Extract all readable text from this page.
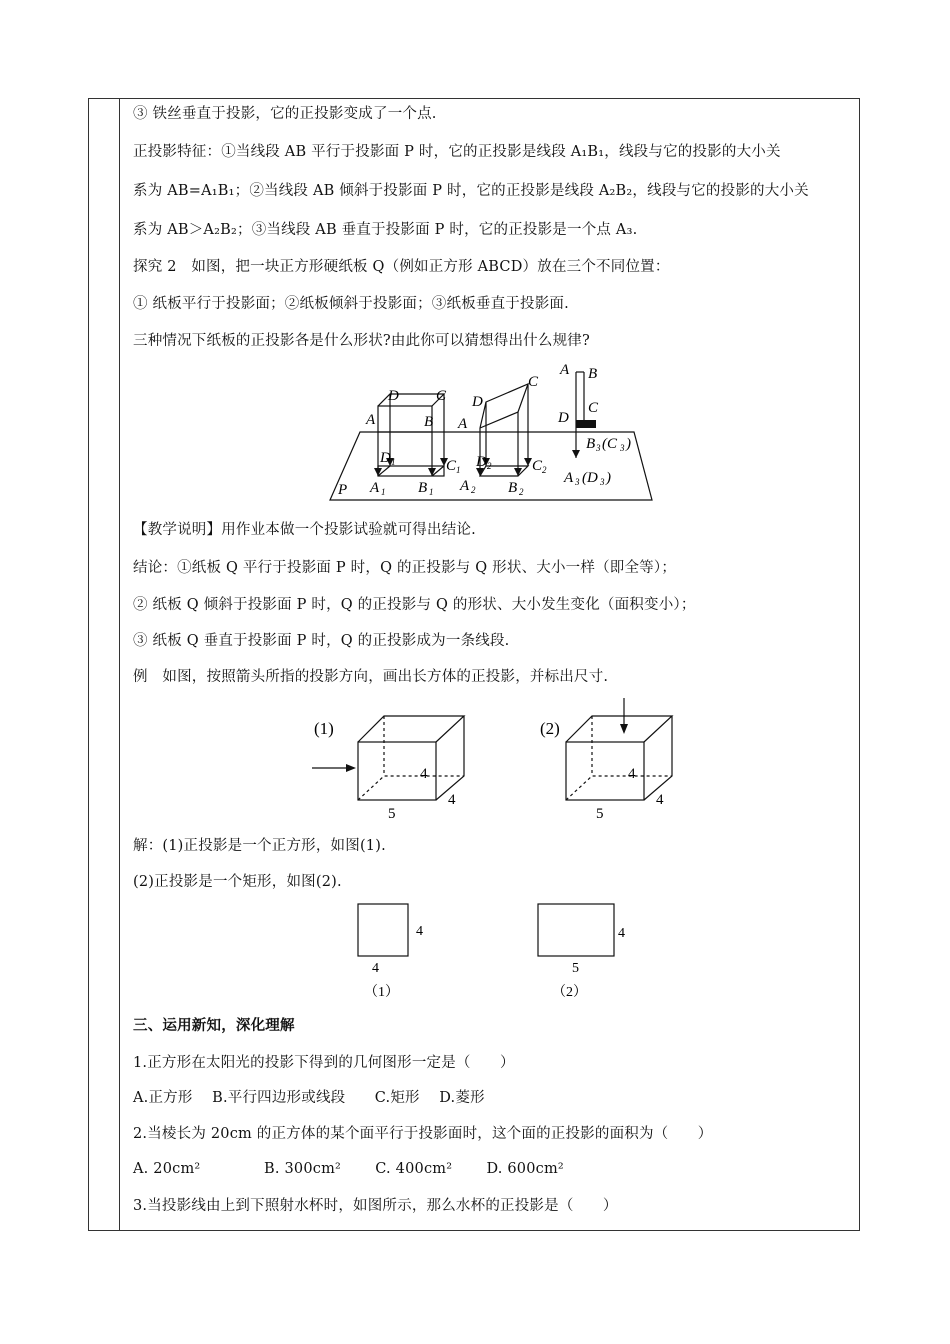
③ 铁丝垂直于投影，它的正投影变成了一个点.
正投影特征：①当线段 AB 平行于投影面 P 时，它的正投影是线段 A₁B₁，线段与它的投影的大小关
系为 AB=A₁B₁；②当线段 AB 倾斜于投影面 P 时，它的正投影是线段 A₂B₂，线段与它的投影的大小关
系为 AB＞A₂B₂；③当线段 AB 垂直于投影面 P 时，它的正投影是一个点 A₃.
探究 2　如图，把一块正方形硬纸板 Q（例如正方形 ABCD）放在三个不同位置：
① 纸板平行于投影面；②纸板倾斜于投影面；③纸板垂直于投影面.
三种情况下纸板的正投影各是什么形状?由此你可以猜想得出什么规律?
P
D C
A	B
D 1	C 1
A 1 B 1
D
C
A
D 2	C 2
A 2 B 2
A B
C
D
B 3 (C 3 )
A 3 (D 3 )
【教学说明】用作业本做一个投影试验就可得出结论.
结论：①纸板 Q 平行于投影面 P 时，Q 的正投影与 Q 形状、大小一样（即全等）；
② 纸板 Q 倾斜于投影面 P 时，Q 的正投影与 Q 的形状、大小发生变化（面积变小）；
③ 纸板 Q 垂直于投影面 P 时，Q 的正投影成为一条线段.
例　如图，按照箭头所指的投影方向，画出长方体的正投影，并标出尺寸.
(1)	(2)
4
4
5
4
4
5
解：(1)正投影是一个正方形，如图(1).
(2)正投影是一个矩形，如图(2).
4
4
（1）
4
5
（2）
三、运用新知，深化理解
1.正方形在太阳光的投影下得到的几何图形一定是（　　）
A.正方形　 B.平行四边形或线段　　C.矩形　 D.菱形
2.当棱长为 20cm 的正方体的某个面平行于投影面时，这个面的正投影的面积为（　　）
A. 20cm²　　　　 B. 300cm²　　 C. 400cm²　　 D. 600cm²
3.当投影线由上到下照射水杯时，如图所示，那么水杯的正投影是（　　）
